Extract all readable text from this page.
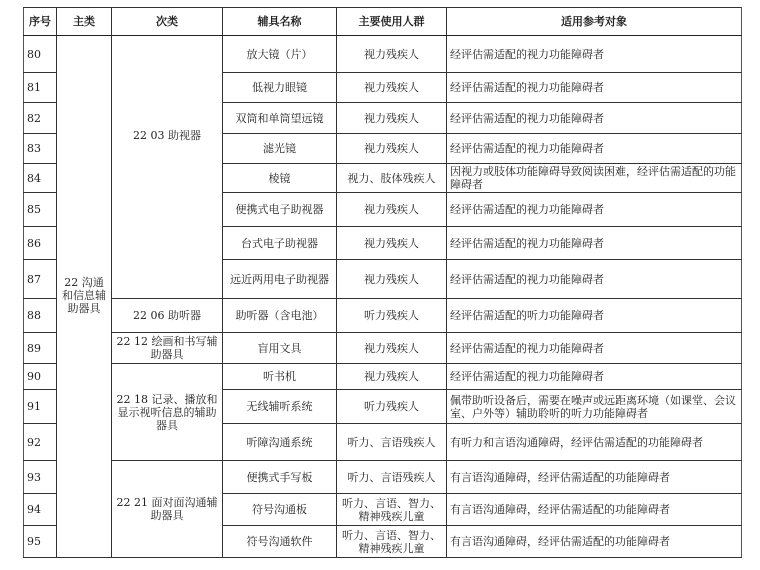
序号	主类	次类	辅具名称	主要使用人群	适用参考对象
80	22 沟通和信息辅助器具	22 03 助视器	放大镜（片）	视力残疾人	经评估需适配的视力功能障碍者
81			低视力眼镜	视力残疾人	经评估需适配的视力功能障碍者
82			双筒和单筒望远镜	视力残疾人	经评估需适配的视力功能障碍者
83			滤光镜	视力残疾人	经评估需适配的视力功能障碍者
84			棱镜	视力、肢体残疾人	因视力或肢体功能障碍导致阅读困难，经评估需适配的功能障碍者
85			便携式电子助视器	视力残疾人	经评估需适配的视力功能障碍者
86			台式电子助视器	视力残疾人	经评估需适配的视力功能障碍者
87			远近两用电子助视器	视力残疾人	经评估需适配的视力功能障碍者
88		22 06 助听器	助听器（含电池）	听力残疾人	经评估需适配的听力功能障碍者
89		22 12 绘画和书写辅助器具	盲用文具	视力残疾人	经评估需适配的视力功能障碍者
90		22 18 记录、播放和显示视听信息的辅助器具	听书机	视力残疾人	经评估需适配的视力功能障碍者
91			无线辅听系统	听力残疾人	佩带助听设备后，需要在噪声或远距离环境（如课堂、会议室、户外等）辅助聆听的听力功能障碍者
92			听障沟通系统	听力、言语残疾人	有听力和言语沟通障碍，经评估需适配的功能障碍者
93		22 21 面对面沟通辅助器具	便携式手写板	听力、言语残疾人	有言语沟通障碍，经评估需适配的功能障碍者
94			符号沟通板	听力、言语、智力、精神残疾儿童	有言语沟通障碍，经评估需适配的功能障碍者
95			符号沟通软件	听力、言语、智力、精神残疾儿童	有言语沟通障碍，经评估需适配的功能障碍者
